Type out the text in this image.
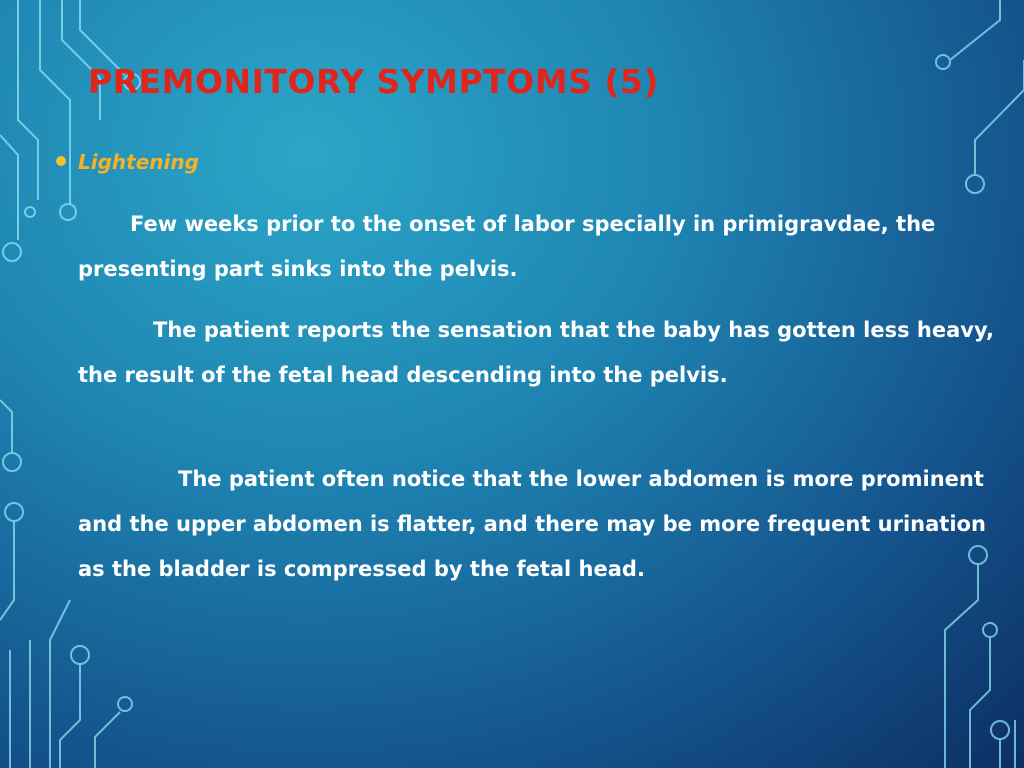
PREMONITORY SYMPTOMS (5)
Lightening

Few weeks prior to the onset of labor specially in primigravdae, the presenting part sinks into the pelvis.

The patient reports the sensation that the baby has gotten less heavy, the result of the fetal head descending into the pelvis.

The patient often notice that the lower abdomen is more prominent and the upper abdomen is flatter, and there may be more frequent urination as the bladder is compressed by the fetal head.
